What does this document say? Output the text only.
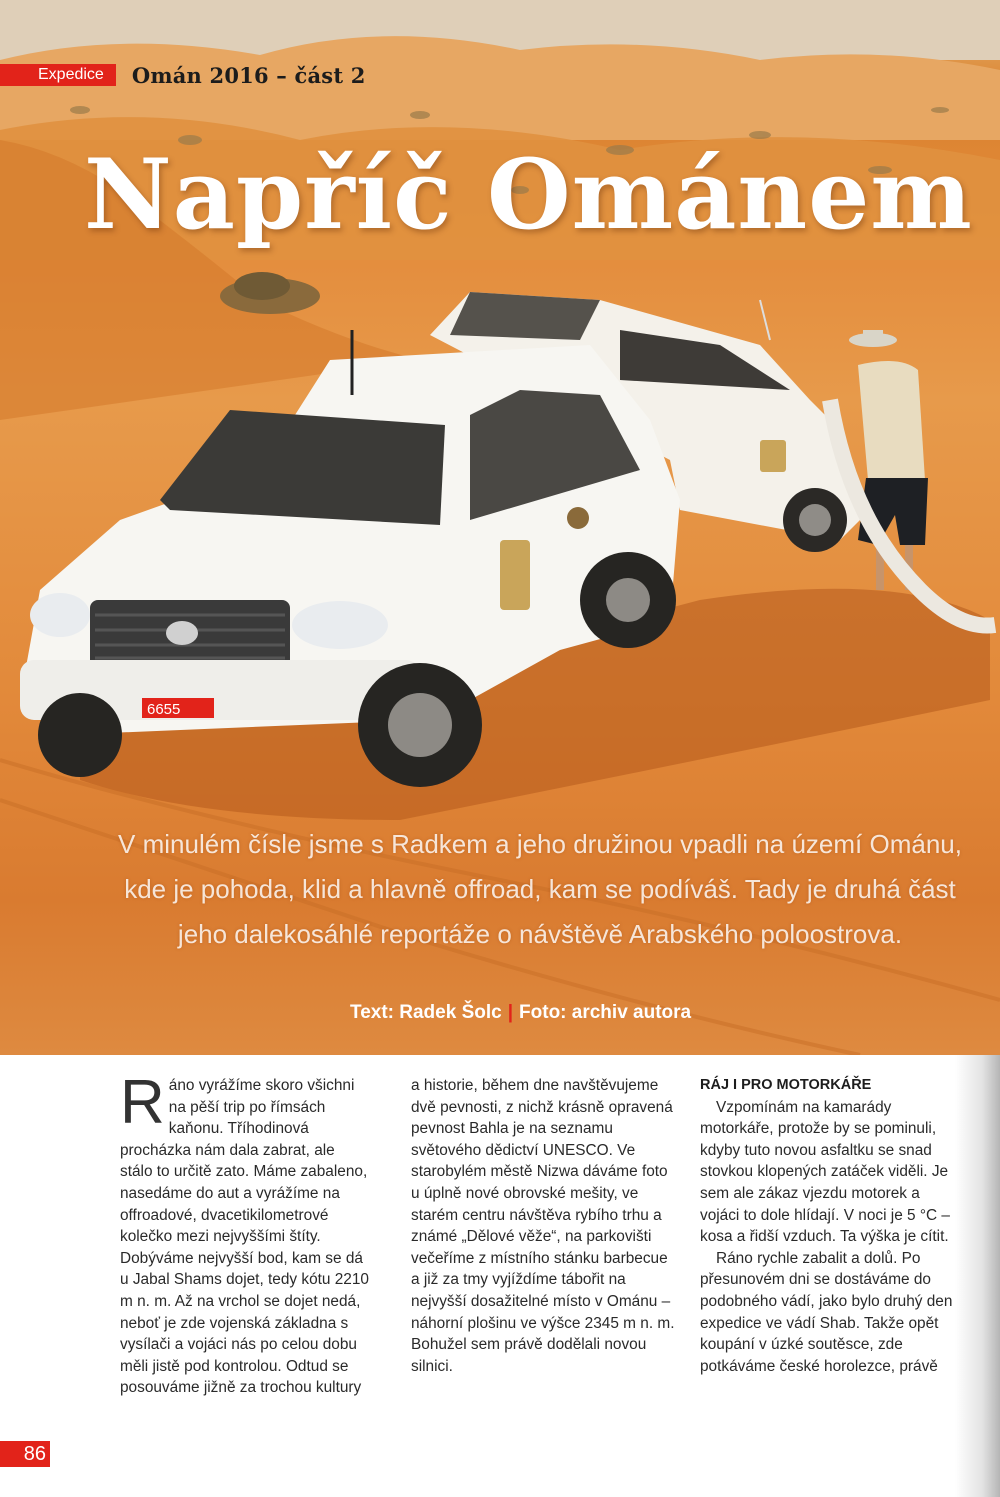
6655
Expedice	Omán 2016 – část 2
Napříč Ománem
V minulém čísle jsme s Radkem a jeho družinou vpadli na území Ománu, kde je pohoda, klid a hlavně offroad, kam se podíváš. Tady je druhá část jeho dalekosáhlé reportáže o návštěvě Arabského poloostrova.
Text: Radek Šolc | Foto: archiv autora

Ráno vyrážíme skoro všichni na pěší trip po římsách kaňonu. Tříhodinová procházka nám dala zabrat, ale stálo to určitě zato. Máme zabaleno, nasedáme do aut a vyrážíme na offroadové, dvacetikilometrové kolečko mezi nejvyššími štíty. Dobýváme nejvyšší bod, kam se dá u Jabal Shams dojet, tedy kótu 2210 m n. m. Až na vrchol se dojet nedá, neboť je zde vojenská základna s vysílači a vojáci nás po celou dobu měli jistě pod kontrolou. Odtud se posouváme jižně za trochou kultury

a historie, během dne navštěvujeme dvě pevnosti, z nichž krásně opravená pevnost Bahla je na seznamu světového dědictví UNESCO. Ve starobylém městě Nizwa dáváme foto u úplně nové obrovské mešity, ve starém centru návštěva rybího trhu a známé „Dělové věže“, na parkovišti večeříme z místního stánku barbecue a již za tmy vyjíždíme tábořit na nejvyšší dosažitelné místo v Ománu – náhorní plošinu ve výšce 2345 m n. m.

Bohužel sem právě dodělali novou silnici.

RÁJ I PRO MOTORKÁŘE

Vzpomínám na kamarády motorkáře, protože by se pominuli, kdyby tuto novou asfaltku se snad stovkou klopených zatáček viděli. Je sem ale zákaz vjezdu motorek a vojáci to dole hlídají. V noci je 5 °C – kosa a řidší vzduch. Ta výška je cítit.

Ráno rychle zabalit a dolů. Po přesunovém dni se dostáváme do podobného vádí, jako bylo druhý den expedice ve vádí Shab. Takže opět koupání v úzké soutěsce, zde potkáváme české horolezce, právě

86
